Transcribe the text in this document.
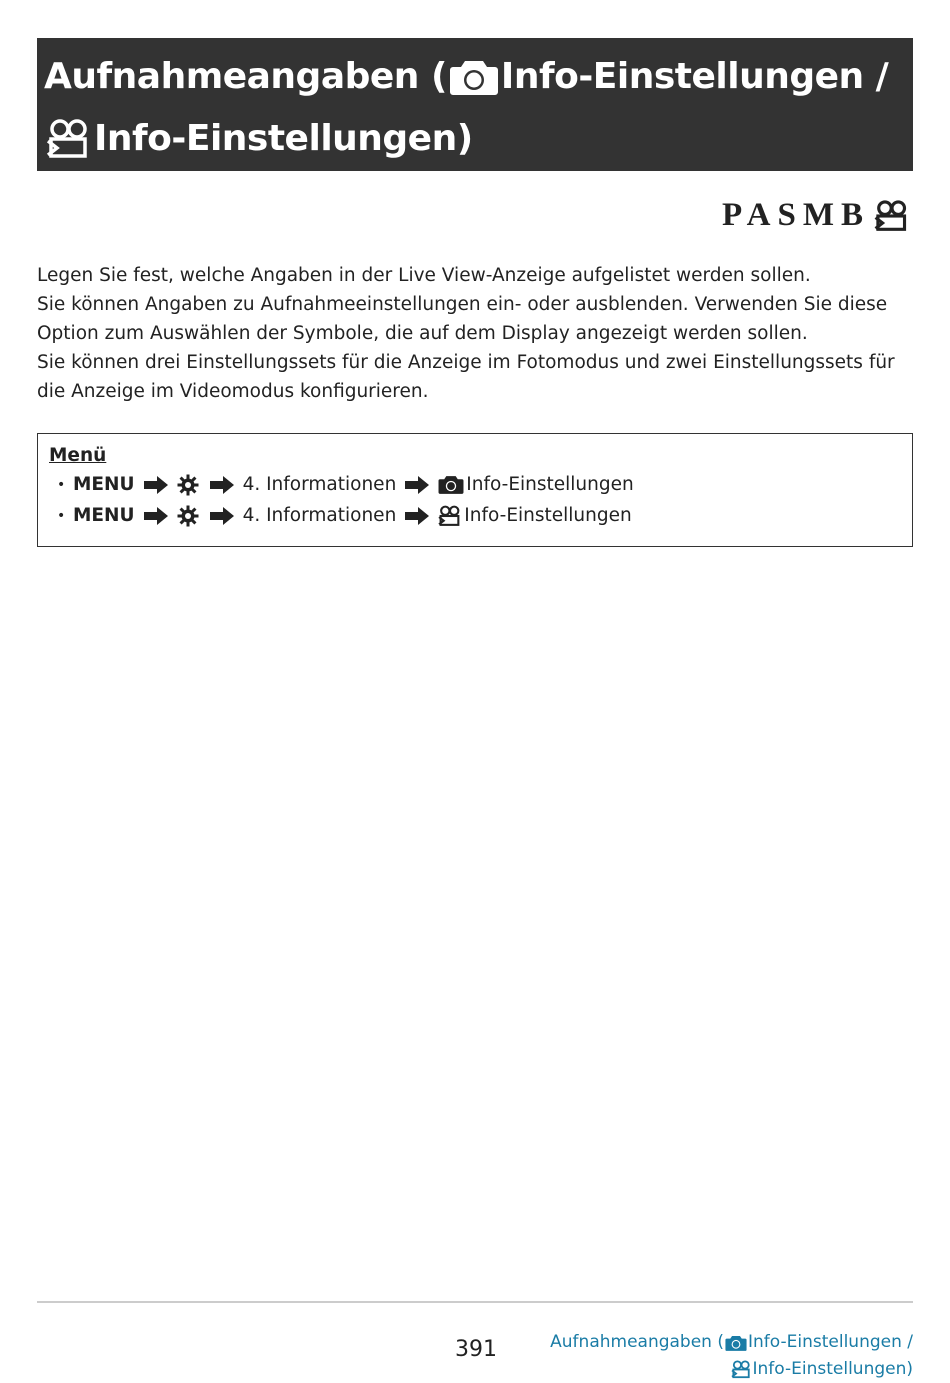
Aufnahmeangaben ( Info-Einstellungen /
Info-Einstellungen)
PASMB

Legen Sie fest, welche Angaben in der Live View-Anzeige aufgelistet werden sollen.

Sie können Angaben zu Aufnahmeeinstellungen ein- oder ausblenden. Verwenden Sie diese Option zum Auswählen der Symbole, die auf dem Display angezeigt werden sollen.

Sie können drei Einstellungssets für die Anzeige im Fotomodus und zwei Einstellungssets für die Anzeige im Videomodus konfigurieren.

Menü
• MENU	4. Informationen	Info-Einstellungen
• MENU	4. Informationen	Info-Einstellungen
391	Aufnahmeangaben ( Info-Einstellungen /
Info-Einstellungen)
